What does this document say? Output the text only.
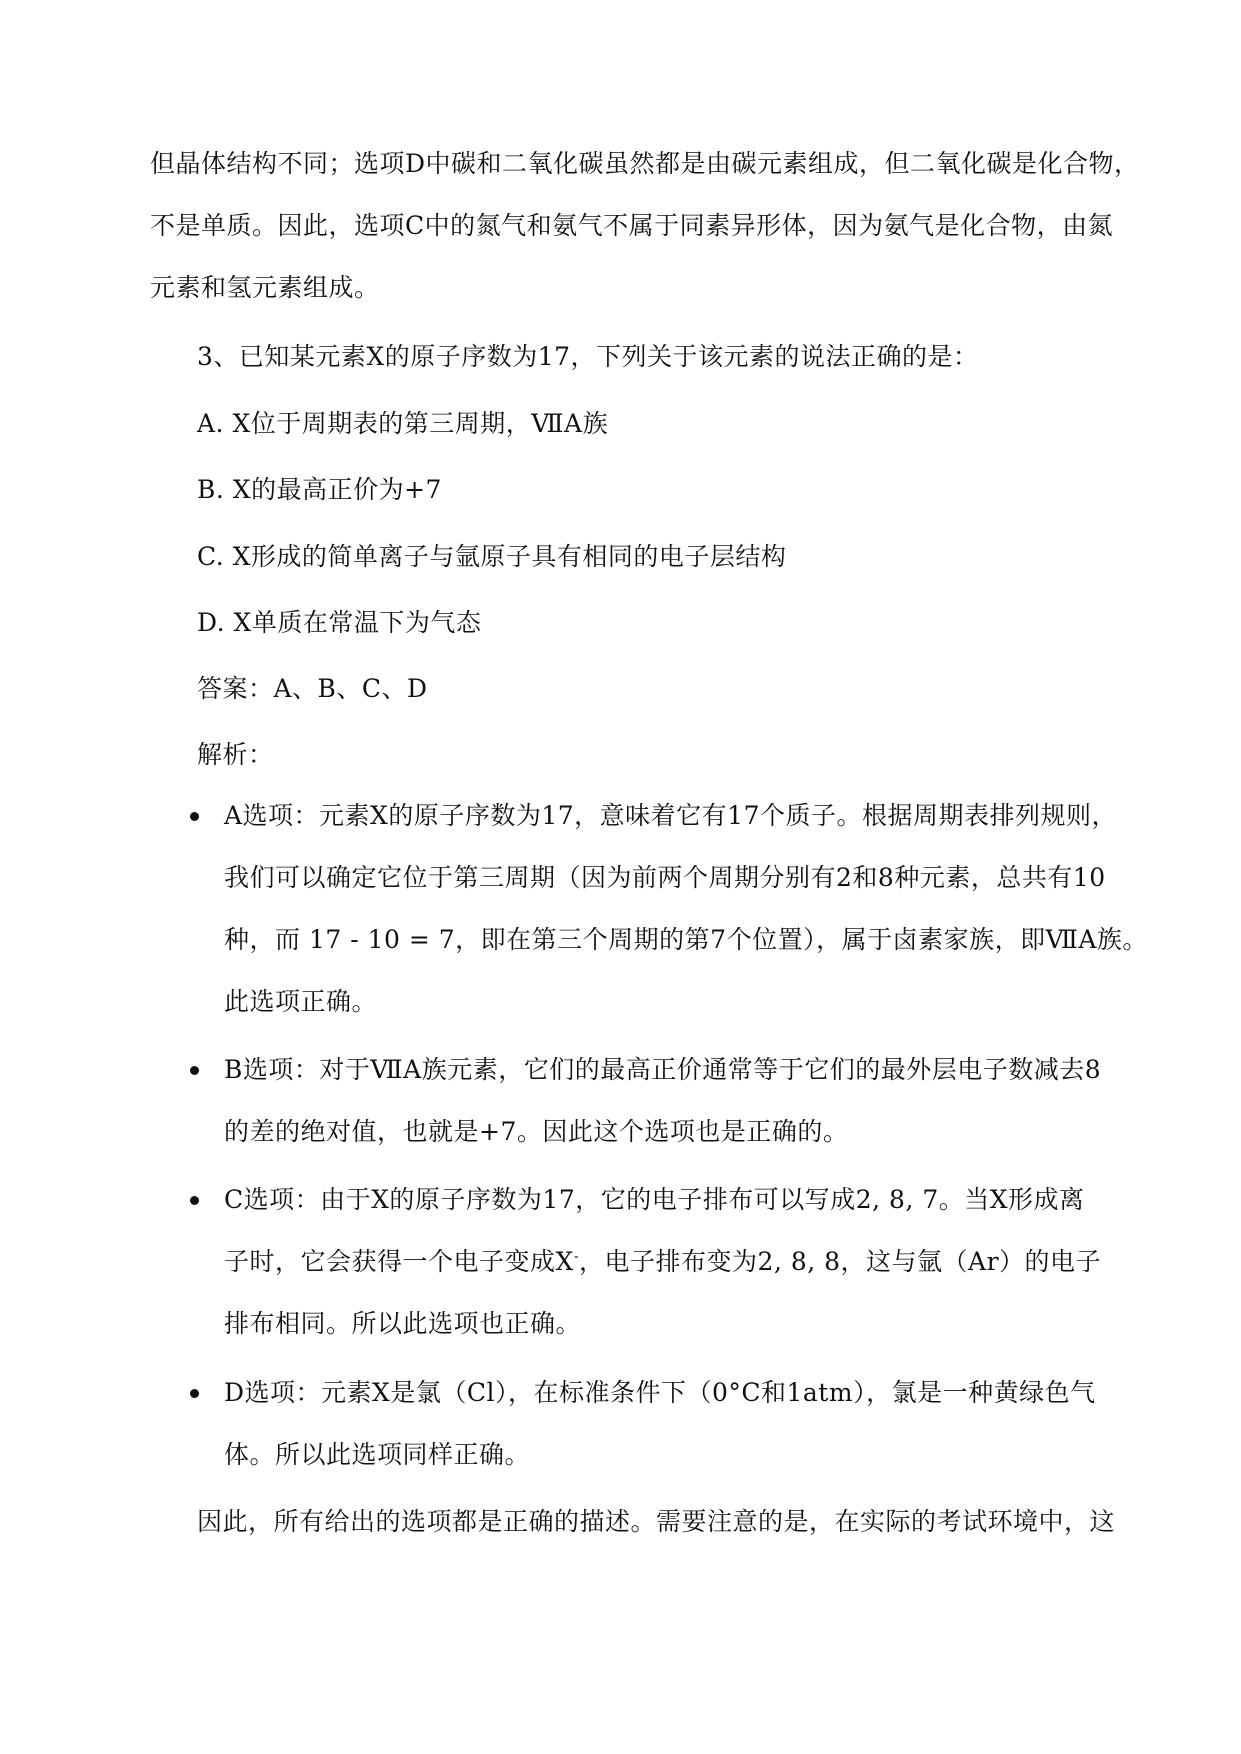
但晶体结构不同；选项D中碳和二氧化碳虽然都是由碳元素组成，但二氧化碳是化合物，
不是单质。因此，选项C中的氮气和氨气不属于同素异形体，因为氨气是化合物，由氮
元素和氢元素组成。
3、已知某元素X的原子序数为17，下列关于该元素的说法正确的是：
A. X位于周期表的第三周期，ⅦA族
B. X的最高正价为+7
C. X形成的简单离子与氩原子具有相同的电子层结构
D. X单质在常温下为气态
答案：A、B、C、D
解析：
A选项：元素X的原子序数为17，意味着它有17个质子。根据周期表排列规则，
我们可以确定它位于第三周期（因为前两个周期分别有2和8种元素，总共有10
种，而 17 - 10 = 7，即在第三个周期的第7个位置），属于卤素家族，即ⅦA族。
此选项正确。
B选项：对于ⅦA族元素，它们的最高正价通常等于它们的最外层电子数减去8
的差的绝对值，也就是+7。因此这个选项也是正确的。
C选项：由于X的原子序数为17，它的电子排布可以写成2, 8, 7。当X形成离
子时，它会获得一个电子变成X-，电子排布变为2, 8, 8，这与氩（Ar）的电子
排布相同。所以此选项也正确。
D选项：元素X是氯（Cl），在标准条件下（0°C和1atm），氯是一种黄绿色气
体。所以此选项同样正确。
因此，所有给出的选项都是正确的描述。需要注意的是，在实际的考试环境中，这
